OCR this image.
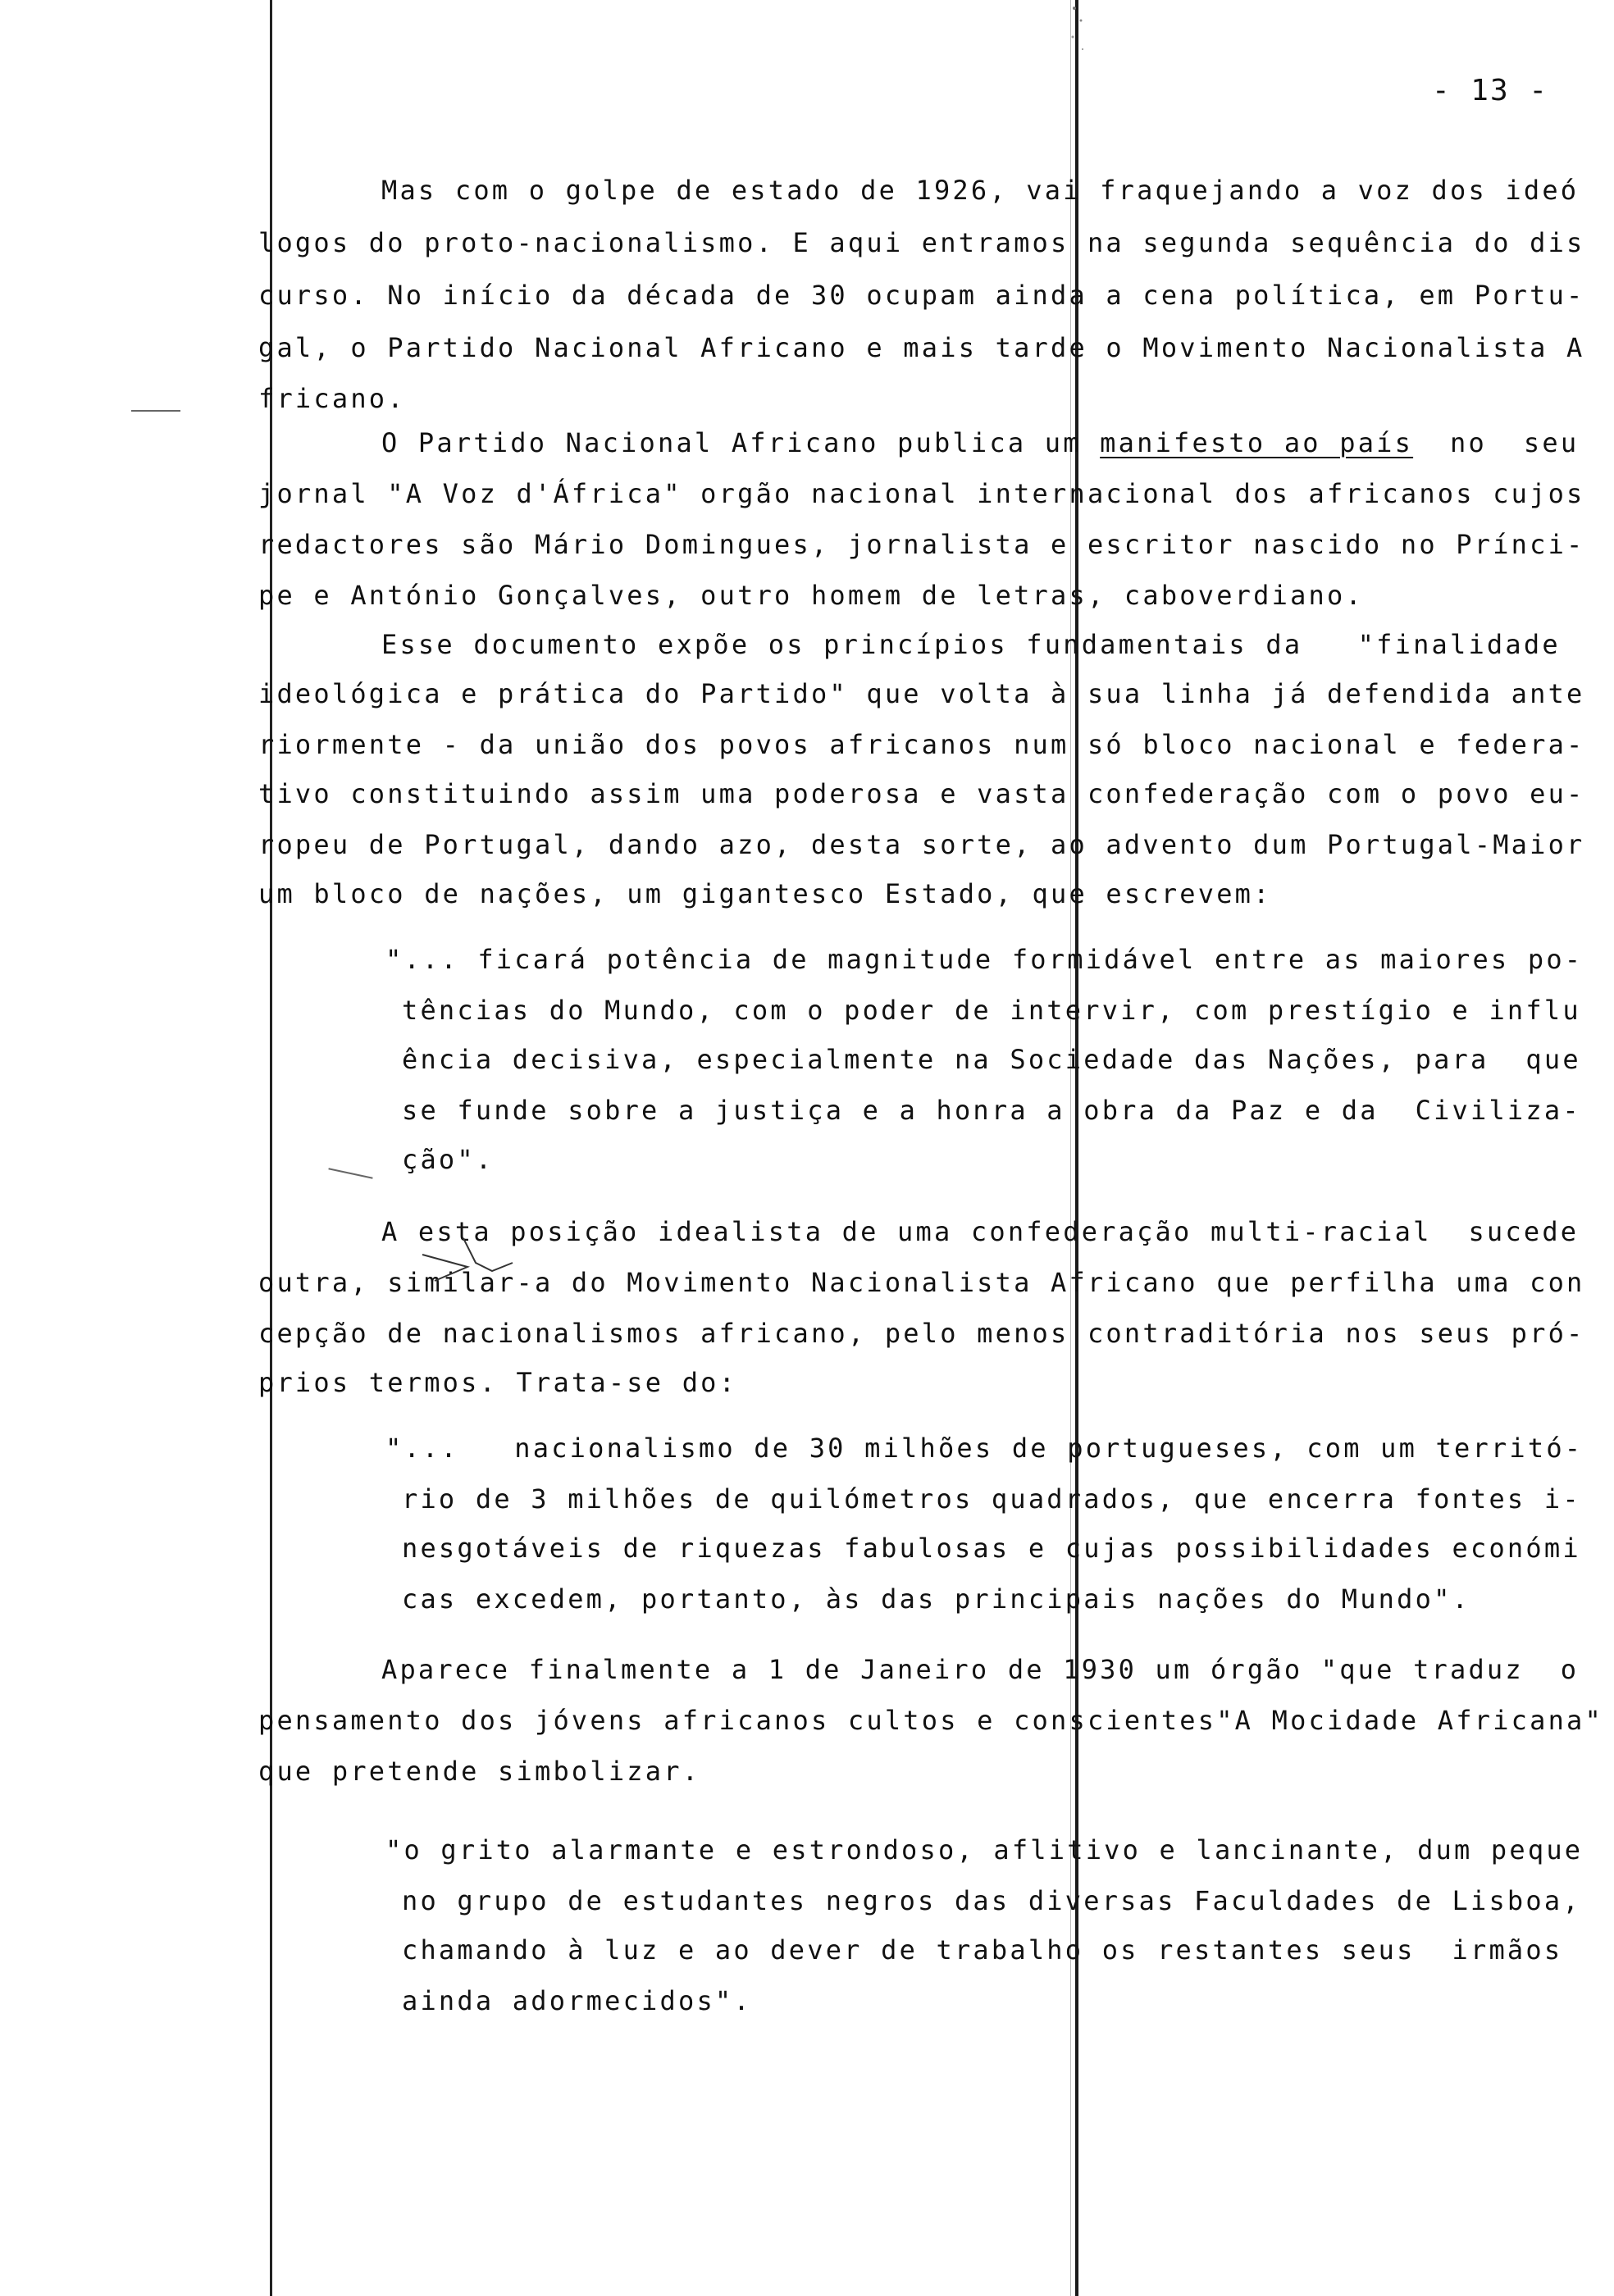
- 13 -
Mas com o golpe de estado de 1926, vai fraquejando a voz dos ideó
logos do proto-nacionalismo. E aqui entramos na segunda sequência do dis
curso. No início da década de 30 ocupam ainda a cena política, em Portu-
gal, o Partido Nacional Africano e mais tarde o Movimento Nacionalista A
fricano.
O Partido Nacional Africano publica um manifesto ao país  no  seu
jornal "A Voz d'África" orgão nacional internacional dos africanos cujos
redactores são Mário Domingues, jornalista e escritor nascido no Prínci-
pe e António Gonçalves, outro homem de letras, caboverdiano.
Esse documento expõe os princípios fundamentais da   "finalidade
ideológica e prática do Partido" que volta à sua linha já defendida ante
riormente - da união dos povos africanos num só bloco nacional e federa-
tivo constituindo assim uma poderosa e vasta confederação com o povo eu-
ropeu de Portugal, dando azo, desta sorte, ao advento dum Portugal-Maior
um bloco de nações, um gigantesco Estado, que escrevem:
"... ficará potência de magnitude formidável entre as maiores po-
tências do Mundo, com o poder de intervir, com prestígio e influ
ência decisiva, especialmente na Sociedade das Nações, para  que
se funde sobre a justiça e a honra a obra da Paz e da  Civiliza-
ção".
A esta posição idealista de uma confederação multi-racial  sucede
outra, similar-a do Movimento Nacionalista Africano que perfilha uma con
cepção de nacionalismos africano, pelo menos contraditória nos seus pró-
prios termos. Trata-se do:
"...   nacionalismo de 30 milhões de portugueses, com um territó-
rio de 3 milhões de quilómetros quadrados, que encerra fontes i-
nesgotáveis de riquezas fabulosas e cujas possibilidades económi
cas excedem, portanto, às das principais nações do Mundo".
Aparece finalmente a 1 de Janeiro de 1930 um órgão "que traduz  o
pensamento dos jóvens africanos cultos e conscientes"A Mocidade Africana"
que pretende simbolizar.
"o grito alarmante e estrondoso, aflitivo e lancinante, dum peque
no grupo de estudantes negros das diversas Faculdades de Lisboa,
chamando à luz e ao dever de trabalho os restantes seus  irmãos
ainda adormecidos".
